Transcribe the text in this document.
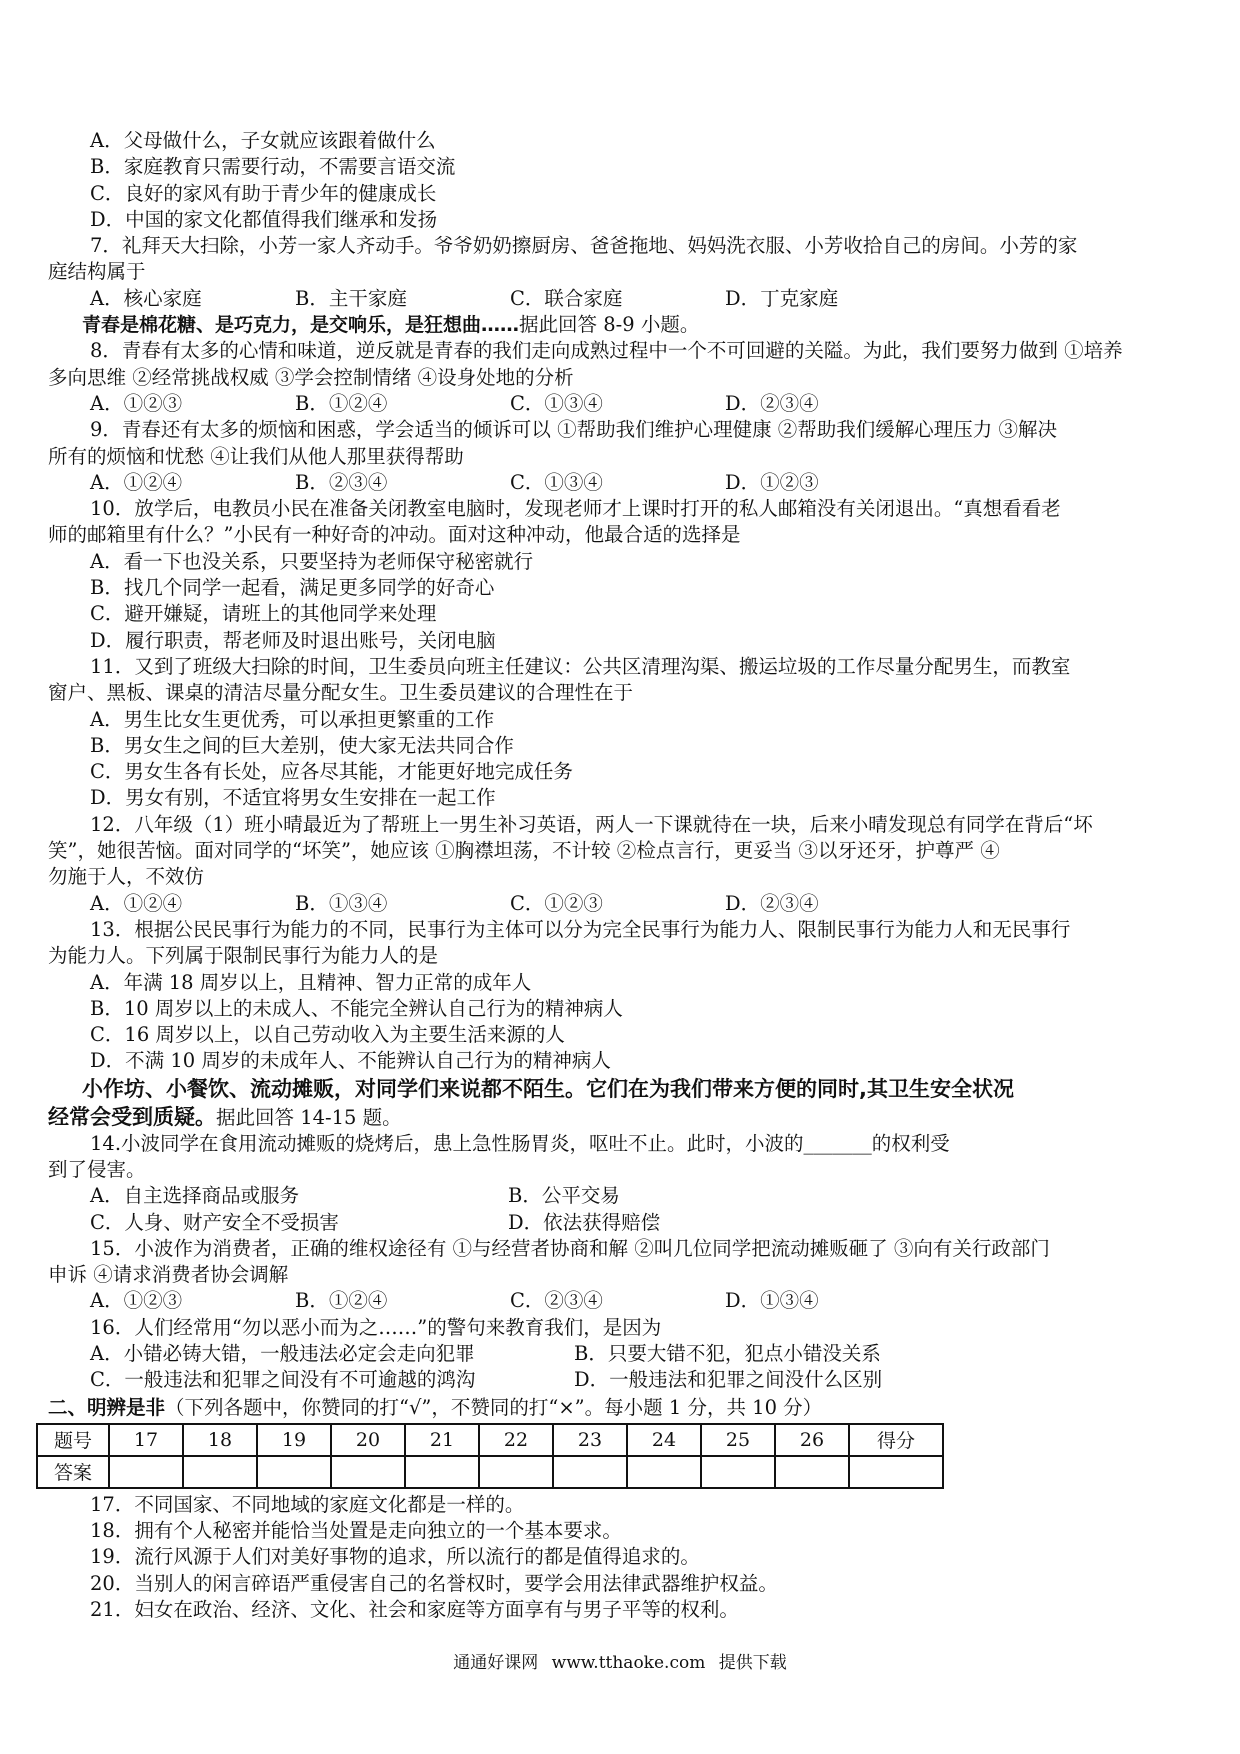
A．父母做什么，子女就应该跟着做什么
B．家庭教育只需要行动，不需要言语交流
C．良好的家风有助于青少年的健康成长
D．中国的家文化都值得我们继承和发扬
7．礼拜天大扫除，小芳一家人齐动手。爷爷奶奶擦厨房、爸爸拖地、妈妈洗衣服、小芳收拾自己的房间。小芳的家
庭结构属于
A．核心家庭	B．主干家庭	C．联合家庭	D．丁克家庭
青春是棉花糖、是巧克力，是交响乐，是狂想曲……据此回答 8-9 小题。
8．青春有太多的心情和味道，逆反就是青春的我们走向成熟过程中一个不可回避的关隘。为此，我们要努力做到 ①培养
多向思维 ②经常挑战权威 ③学会控制情绪 ④设身处地的分析
A．①②③	B．①②④	C．①③④	D．②③④
9．青春还有太多的烦恼和困惑，学会适当的倾诉可以 ①帮助我们维护心理健康 ②帮助我们缓解心理压力 ③解决
所有的烦恼和忧愁 ④让我们从他人那里获得帮助
A．①②④	B．②③④	C．①③④	D．①②③
10．放学后，电教员小民在准备关闭教室电脑时，发现老师才上课时打开的私人邮箱没有关闭退出。“真想看看老
师的邮箱里有什么？”小民有一种好奇的冲动。面对这种冲动，他最合适的选择是
A．看一下也没关系，只要坚持为老师保守秘密就行
B．找几个同学一起看，满足更多同学的好奇心
C．避开嫌疑，请班上的其他同学来处理
D．履行职责，帮老师及时退出账号，关闭电脑
11．又到了班级大扫除的时间，卫生委员向班主任建议：公共区清理沟渠、搬运垃圾的工作尽量分配男生，而教室
窗户、黑板、课桌的清洁尽量分配女生。卫生委员建议的合理性在于
A．男生比女生更优秀，可以承担更繁重的工作
B．男女生之间的巨大差别，使大家无法共同合作
C．男女生各有长处，应各尽其能，才能更好地完成任务
D．男女有别，不适宜将男女生安排在一起工作
12．八年级（1）班小晴最近为了帮班上一男生补习英语，两人一下课就待在一块，后来小晴发现总有同学在背后“坏
笑”，她很苦恼。面对同学的“坏笑”，她应该 ①胸襟坦荡，不计较 ②检点言行，更妥当 ③以牙还牙，护尊严 ④
勿施于人，不效仿
A．①②④	B．①③④	C．①②③	D．②③④
13．根据公民民事行为能力的不同，民事行为主体可以分为完全民事行为能力人、限制民事行为能力人和无民事行
为能力人。下列属于限制民事行为能力人的是
A．年满 18 周岁以上，且精神、智力正常的成年人
B．10 周岁以上的未成人、不能完全辨认自己行为的精神病人
C．16 周岁以上，以自己劳动收入为主要生活来源的人
D．不满 10 周岁的未成年人、不能辨认自己行为的精神病人
小作坊、小餐饮、流动摊贩，对同学们来说都不陌生。它们在为我们带来方便的同时,其卫生安全状况
经常会受到质疑。据此回答 14-15 题。
14.小波同学在食用流动摊贩的烧烤后，患上急性肠胃炎，呕吐不止。此时，小波的_______的权利受
到了侵害。
A．自主选择商品或服务	B．公平交易
C．人身、财产安全不受损害	D．依法获得赔偿
15．小波作为消费者，正确的维权途径有 ①与经营者协商和解 ②叫几位同学把流动摊贩砸了 ③向有关行政部门
申诉 ④请求消费者协会调解
A．①②③	B．①②④	C．②③④	D．①③④
16．人们经常用“勿以恶小而为之……”的警句来教育我们，是因为
A．小错必铸大错，一般违法必定会走向犯罪	B．只要大错不犯，犯点小错没关系
C．一般违法和犯罪之间没有不可逾越的鸿沟	D．一般违法和犯罪之间没什么区别
二、明辨是非（下列各题中，你赞同的打“√”，不赞同的打“×”。每小题 1 分，共 10 分）
题号	17	18	19	20	21	22	23	24	25	26	得分
答案											
17．不同国家、不同地域的家庭文化都是一样的。
18．拥有个人秘密并能恰当处置是走向独立的一个基本要求。
19．流行风源于人们对美好事物的追求，所以流行的都是值得追求的。
20．当别人的闲言碎语严重侵害自己的名誉权时，要学会用法律武器维护权益。
21．妇女在政治、经济、文化、社会和家庭等方面享有与男子平等的权利。
通通好课网 www.tthaoke.com 提供下载
